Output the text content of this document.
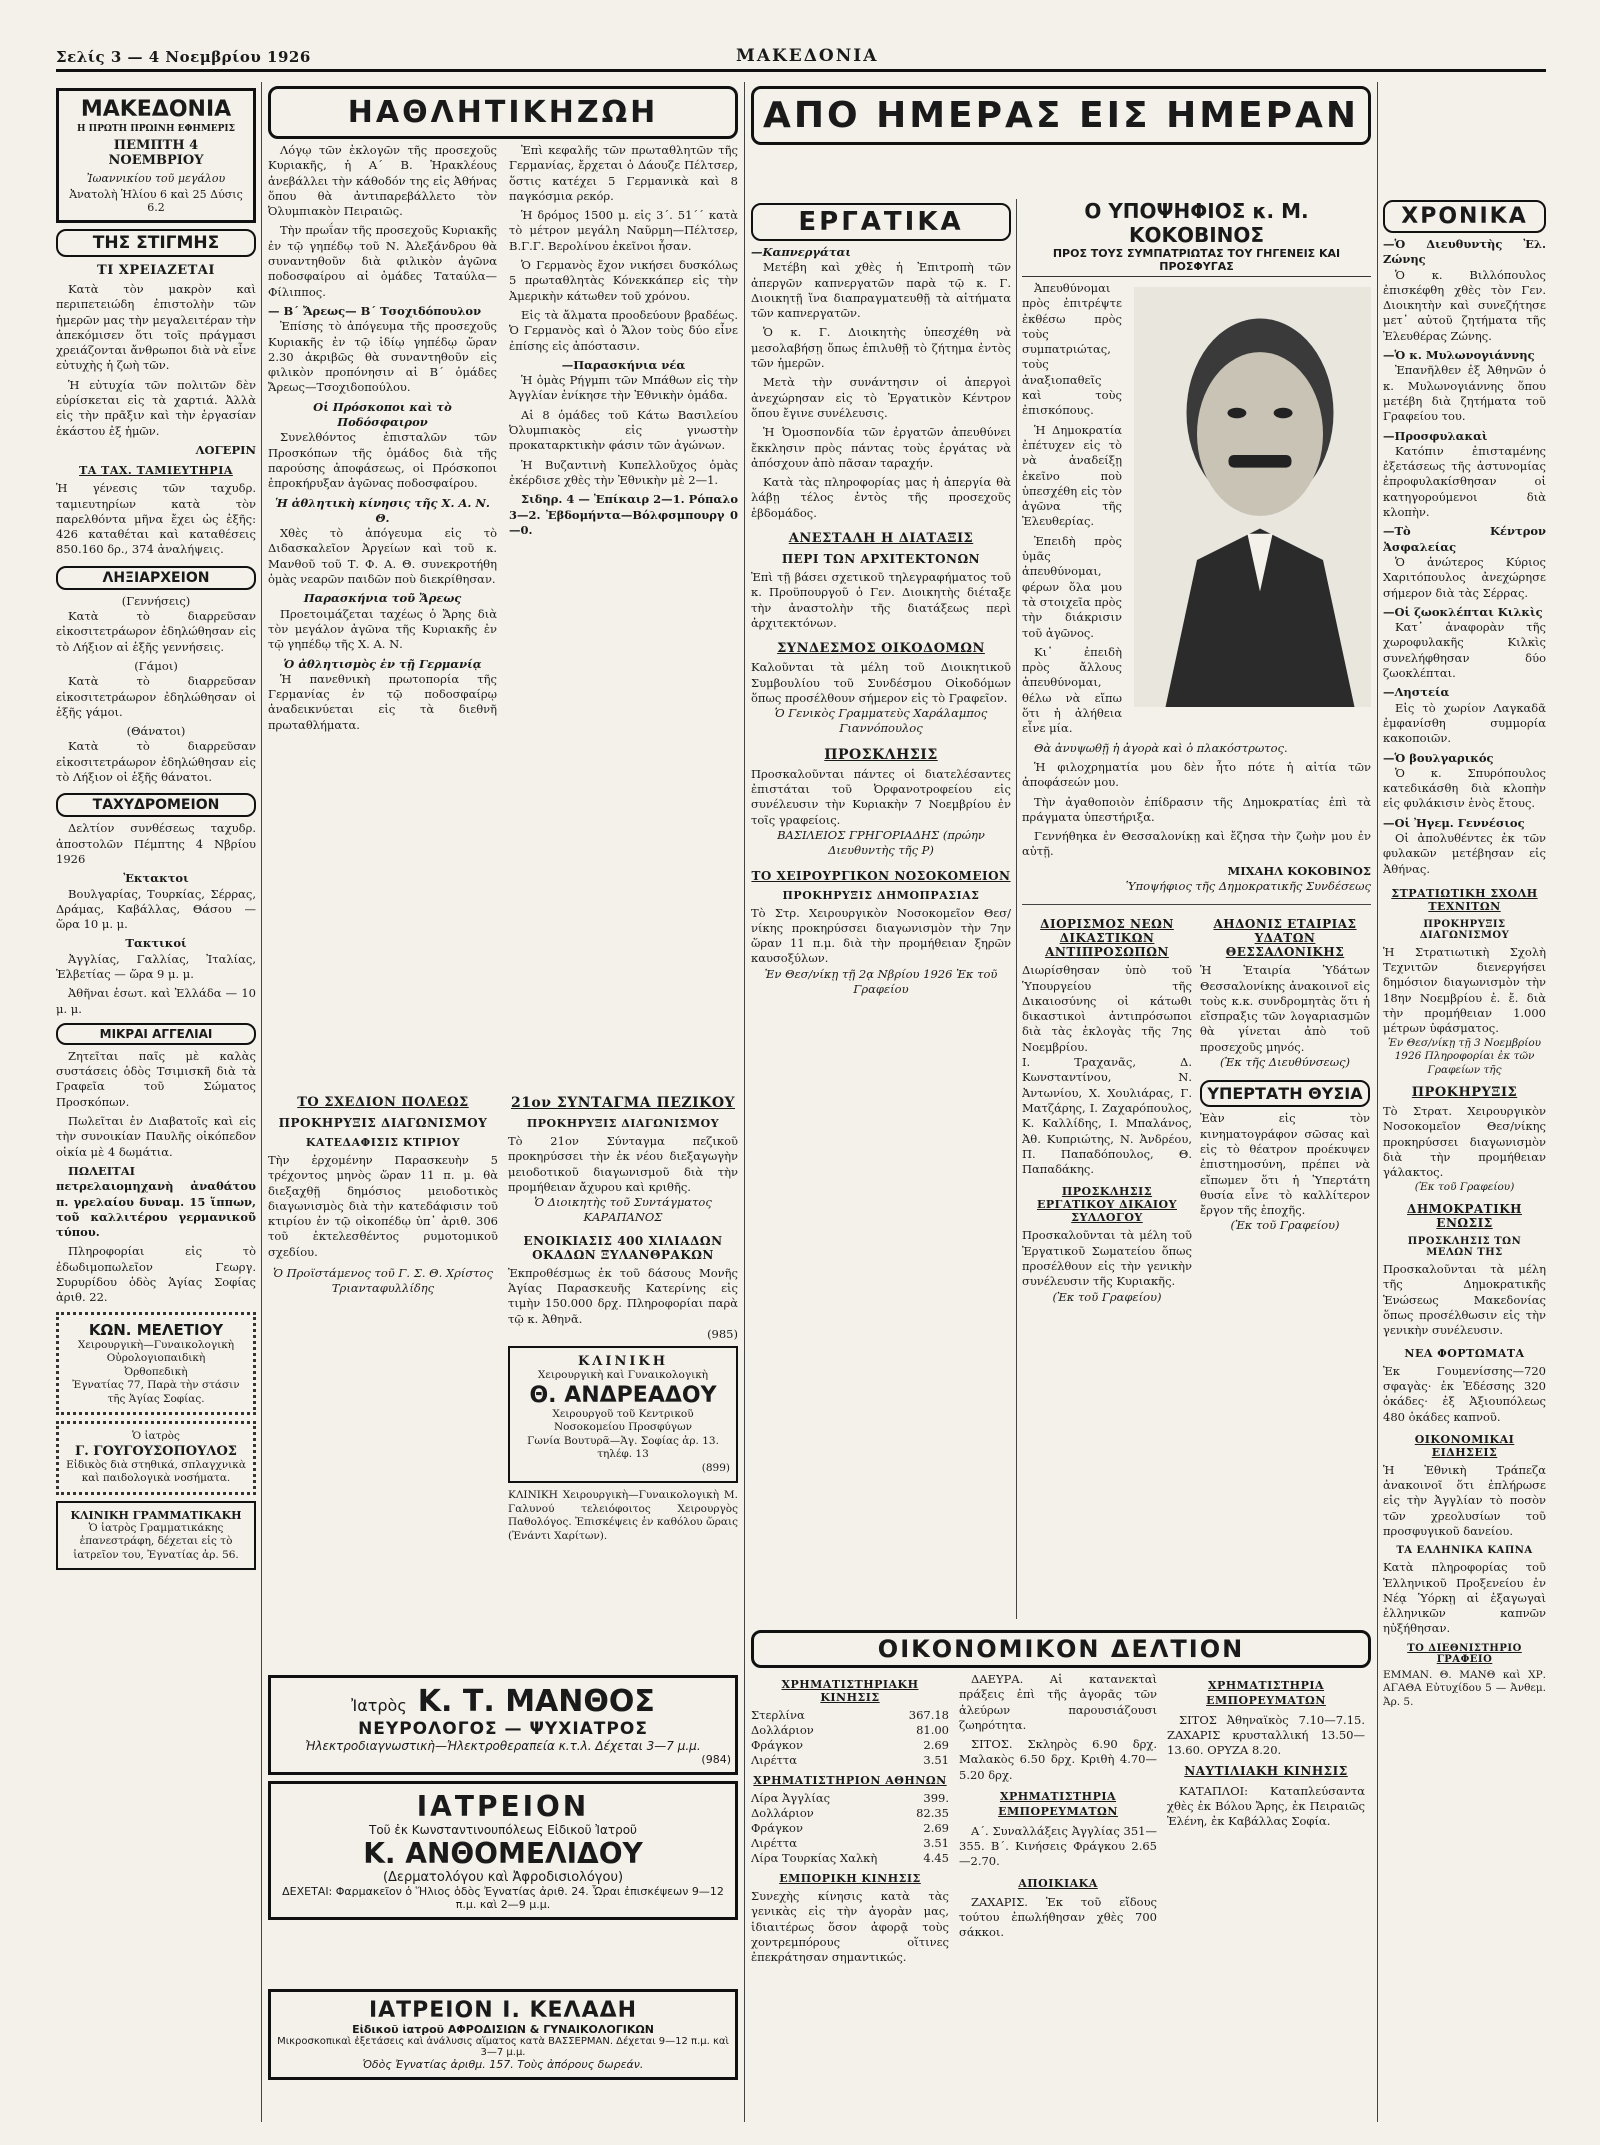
Σελίς 3 — 4 Νοεμβρίου 1926	ΜΑΚΕΔΟΝΙΑ
ΜΑΚΕΔΟΝΙΑ
Η ΠΡΩΤΗ ΠΡΩΙΝΗ ΕΦΗΜΕΡΙΣ
ΠΕΜΠΤΗ 4 ΝΟΕΜΒΡΙΟΥ
Ἰωαννικίου τοῦ μεγάλου
Ἀνατολὴ Ἡλίου 6 καὶ 25 Δύσις 6.2
ΤΗΣ ΣΤΙΓΜΗΣ
ΤΙ ΧΡΕΙΑΖΕΤΑΙ

Κατὰ τὸν μακρὸν καὶ περιπετειώδη ἐπιστολὴν τῶν ἡμερῶν μας τὴν μεγαλειτέραν τὴν ἀπεκόμισεν ὅτι τοῖς πράγμασι χρειάζονται ἄνθρωποι διὰ νὰ εἶνε εὐτυχὴς ἡ ζωὴ τῶν.

Ἡ εὐτυχία τῶν πολιτῶν δὲν εὑρίσκεται εἰς τὰ χαρτιά. Ἀλλὰ εἰς τὴν πρᾶξιν καὶ τὴν ἐργασίαν ἑκάστου ἐξ ἡμῶν.

ΛΟΓΕΡΙΝ
ΤΑ ΤΑΧ. ΤΑΜΙΕΥΤΗΡΙΑ
Ἡ γένεσις τῶν ταχυδρ. ταμιευτηρίων κατὰ τὸν παρελθόντα μῆνα ἔχει ὡς ἑξῆς: 426 καταθέται καὶ καταθέσεις 850.160 δρ., 374 ἀναλήψεις.
ΛΗΞΙΑΡΧΕΙΟΝ
(Γεννήσεις)

Κατὰ τὸ διαρρεῦσαν εἰκοσιτετράωρον ἐδηλώθησαν εἰς τὸ Λήξιον αἱ ἑξῆς γεννήσεις.

(Γάμοι)

Κατὰ τὸ διαρρεῦσαν εἰκοσιτετράωρον ἐδηλώθησαν οἱ ἑξῆς γάμοι.

(Θάνατοι)

Κατὰ τὸ διαρρεῦσαν εἰκοσιτετράωρον ἐδηλώθησαν εἰς τὸ Λήξιον οἱ ἑξῆς θάνατοι.

ΤΑΧΥΔΡΟΜΕΙΟΝ

Δελτίον συνθέσεως ταχυδρ. ἀποστολῶν Πέμπτης 4 Νβρίου 1926

Ἐκτακτοι

Βουλγαρίας, Τουρκίας, Σέρρας, Δράμας, Καβάλλας, Θάσου — ὥρα 10 μ. μ.

Τακτικοί

Ἀγγλίας, Γαλλίας, Ἰταλίας, Ἑλβετίας — ὥρα 9 μ. μ.

Ἀθῆναι ἐσωτ. καὶ Ἑλλάδα — 10 μ. μ.

ΜΙΚΡΑΙ ΑΓΓΕΛΙΑΙ

Ζητεῖται παῖς μὲ καλὰς συστάσεις ὁδὸς Τσιμισκῆ διὰ τὰ Γραφεῖα τοῦ Σώματος Προσκόπων.

Πωλεῖται ἐν Διαβατοῖς καὶ εἰς τὴν συνοικίαν Παυλῆς οἰκόπεδον οἰκία μὲ 4 δωμάτια.

ΠΩΛΕΙΤΑΙ πετρελαιομηχανὴ ἀναθάτου π. γρελαίου δυναμ. 15 ἵππων, τοῦ καλλιτέρου γερμανικοῦ τύπου.

Πληροφορίαι εἰς τὸ ἐδωδιμοπωλεῖον Γεωργ. Συρυρίδου ὁδὸς Ἁγίας Σοφίας ἀριθ. 22.

ΚΩΝ. ΜΕΛΕΤΙΟΥ
Χειρουργικὴ—Γυναικολογικὴ
Οὐρολογιοπαιδικὴ
Ὀρθοπεδικὴ
Ἐγνατίας 77, Παρὰ τὴν στάσιν τῆς Ἁγίας Σοφίας.
Ὁ ἰατρὸς
Γ. ΓΟΥΓΟΥΣΟΠΟΥΛΟΣ
Εἰδικὸς διὰ στηθικά, σπλαγχνικὰ καὶ παιδολογικὰ νοσήματα.
ΚΛΙΝΙΚΗ ΓΡΑΜΜΑΤΙΚΑΚΗ
Ὁ ἰατρὸς Γραμματικάκης ἐπανεστράφη, δέχεται εἰς τὸ ἰατρεῖον του, Ἐγνατίας ἀρ. 56.
ΗΑΘΛΗΤΙΚΗΖΩΗ

Λόγῳ τῶν ἐκλογῶν τῆς προσεχοῦς Κυριακῆς, ἡ Α΄ Β. Ἡρακλέους ἀνεβάλλει τὴν κάθοδόν της εἰς Ἀθήνας ὅπου θὰ ἀντιπαρεβάλλετο τὸν Ὀλυμπιακὸν Πειραιῶς.

Τὴν πρωΐαν τῆς προσεχοῦς Κυριακῆς ἐν τῷ γηπέδῳ τοῦ Ν. Ἀλεξάνδρου θὰ συναντηθοῦν διὰ φιλικὸν ἀγῶνα ποδοσφαίρου αἱ ὁμάδες Ταταύλα—Φίλιππος.

— Β΄ Ἄρεως— Β΄ Τσοχιδόπουλον

Ἐπίσης τὸ ἀπόγευμα τῆς προσεχοῦς Κυριακῆς ἐν τῷ ἰδίῳ γηπέδῳ ὥραν 2.30 ἀκριβῶς θὰ συναντηθοῦν εἰς φιλικὸν προπόνησιν αἱ Β΄ ὁμάδες Ἄρεως—Τσοχιδοπούλου.

Οἱ Πρόσκοποι καὶ τὸ Ποδόσφαιρον

Συνελθόντος ἐπισταλῶν τῶν Προσκόπων τῆς ὁμάδος διὰ τῆς παρούσης ἀποφάσεως, οἱ Πρόσκοποι ἐπροκήρυξαν ἀγῶνας ποδοσφαίρου.

Ἡ ἀθλητικὴ κίνησις τῆς Χ. Α. Ν. Θ.

Χθὲς τὸ ἀπόγευμα εἰς τὸ Διδασκαλεῖον Ἀργείων καὶ τοῦ κ. Μανθοῦ τοῦ Τ. Φ. Α. Θ. συνεκροτήθη ὁμὰς νεαρῶν παιδῶν ποὺ διεκρίθησαν.

Παρασκήνια τοῦ Ἄρεως

Προετοιμάζεται ταχέως ὁ Ἄρης διὰ τὸν μεγάλον ἀγῶνα τῆς Κυριακῆς ἐν τῷ γηπέδῳ τῆς Χ. Α. Ν.

Ὁ ἀθλητισμὸς ἐν τῇ Γερμανίᾳ

Ἡ πανεθνικὴ πρωτοπορία τῆς Γερμανίας ἐν τῷ ποδοσφαίρῳ ἀναδεικνύεται εἰς τὰ διεθνῆ πρωταθλήματα.

Ἐπὶ κεφαλῆς τῶν πρωταθλητῶν τῆς Γερμανίας, ἔρχεται ὁ Δάουζε Πέλτσερ, ὅστις κατέχει 5 Γερμανικὰ καὶ 8 παγκόσμια ρεκόρ.

Ἡ δρόμος 1500 μ. εἰς 3΄. 51΄΄ κατὰ τὸ μέτρον μεγάλη Ναῦρμη—Πέλτσερ, Β.Γ.Γ. Βερολίνου ἐκεῖνοι ἦσαν.

Ὁ Γερμανὸς ἔχον νικήσει δυσκόλως 5 πρωταθλητὰς Κόνεκκάπερ εἰς τὴν Ἀμερικὴν κάτωθεν τοῦ χρόνου.

Εἰς τὰ ἄλματα προοδεύουν βραδέως. Ὁ Γερμανὸς καὶ ὁ Ἄλον τοὺς δύο εἶνε ἐπίσης εἰς ἀπόστασιν.

—Παρασκήνια νέα

Ἡ ὁμὰς Ρήγμπι τῶν Μπάθων εἰς τὴν Ἀγγλίαν ἐνίκησε τὴν Ἐθνικὴν ὁμάδα.

Αἱ 8 ὁμάδες τοῦ Κάτω Βασιλείου Ὀλυμπιακὸς εἰς γνωστὴν προκαταρκτικὴν φάσιν τῶν ἀγώνων.

Ἡ Βυζαντινὴ Κυπελλοῦχος ὁμὰς ἐκέρδισε χθὲς τὴν Ἐθνικὴν μὲ 2—1.

Σιδηρ. 4 — Ἐπίκαιρ 2—1. Ρόπαλο 3—2. Ἐβδομήντα—Βόλφσμπουργ 0—0.

ΤΟ ΣΧΕΔΙΟΝ ΠΟΛΕΩΣ
ΠΡΟΚΗΡΥΞΙΣ ΔΙΑΓΩΝΙΣΜΟΥ
ΚΑΤΕΔΑΦΙΣΙΣ ΚΤΙΡΙΟΥ
Τὴν ἐρχομένην Παρασκευὴν 5 τρέχοντος μηνὸς ὥραν 11 π. μ. θὰ διεξαχθῇ δημόσιος μειοδοτικὸς διαγωνισμὸς διὰ τὴν κατεδάφισιν τοῦ κτιρίου ἐν τῷ οἰκοπέδῳ ὑπ᾽ ἀριθ. 306 τοῦ ἐκτελεσθέντος ρυμοτομικοῦ σχεδίου.
Ὁ Προϊστάμενος τοῦ Γ. Σ. Θ. Χρίστος Τριανταφυλλίδης
21ον ΣΥΝΤΑΓΜΑ ΠΕΖΙΚΟΥ
ΠΡΟΚΗΡΥΞΙΣ ΔΙΑΓΩΝΙΣΜΟΥ
Τὸ 21ον Σύνταγμα πεζικοῦ προκηρύσσει τὴν ἐκ νέου διεξαγωγὴν μειοδοτικοῦ διαγωνισμοῦ διὰ τὴν προμήθειαν ἄχυρου καὶ κριθῆς.
Ὁ Διοικητὴς τοῦ Συντάγματος ΚΑΡΑΠΑΝΟΣ
ΕΝΟΙΚΙΑΣΙΣ 400 ΧΙΛΙΑΔΩΝ ΟΚΑΔΩΝ ΞΥΛΑΝΘΡΑΚΩΝ
Ἐκπροθέσμως ἐκ τοῦ δάσους Μονῆς Ἁγίας Παρασκευῆς Κατερίνης εἰς τιμὴν 150.000 δρχ. Πληροφορίαι παρὰ τῷ κ. Ἀθηνᾶ.
(985)
ΚΛΙΝΙΚΗ
Χειρουργικὴ καὶ Γυναικολογικὴ
Θ. ΑΝΔΡΕΑΔΟΥ
Χειρουργοῦ τοῦ Κεντρικοῦ Νοσοκομείου Προσφύγων
Γωνία Βουτυρᾶ—Ἁγ. Σοφίας ἀρ. 13. τηλέφ. 13
(899)
ΚΛΙΝΙΚΗ Χειρουργικὴ—Γυναικολογικὴ Μ. Γαλυνού τελειόφοιτος Χειρουργὸς Παθολόγος. Ἐπισκέψεις ἐν καθόλου ὥραις (Ἐνάντι Χαρίτων).
Ἰατρὸς Κ. Τ. ΜΑΝΘΟΣ
ΝΕΥΡΟΛΟΓΟΣ — ΨΥΧΙΑΤΡΟΣ
Ἠλεκτροδιαγνωστικὴ—Ἠλεκτροθεραπεία κ.τ.λ. Δέχεται 3—7 μ.μ.
(984)
ΙΑΤΡΕΙΟΝ
Τοῦ ἐκ Κωνσταντινουπόλεως Εἰδικοῦ Ἰατροῦ
Κ. ΑΝΘΟΜΕΛΙΔΟΥ
(Δερματολόγου καὶ Ἀφροδισιολόγου)
ΔΕΧΕΤΑΙ: Φαρμακεῖον ὁ Ἥλιος ὁδὸς Ἐγνατίας ἀριθ. 24. Ὧραι ἐπισκέψεων 9—12 π.μ. καὶ 2—9 μ.μ.
ΑΠΟ ΗΜΕΡΑΣ ΕΙΣ ΗΜΕΡΑΝ
ΕΡΓΑΤΙΚΑ
—Καπνεργάται

Μετέβη καὶ χθὲς ἡ Ἐπιτροπὴ τῶν ἀπεργῶν καπνεργατῶν παρὰ τῷ κ. Γ. Διοικητῇ ἵνα διαπραγματευθῇ τὰ αἰτήματα τῶν καπνεργατῶν.

Ὁ κ. Γ. Διοικητὴς ὑπεσχέθη νὰ μεσολαβήσῃ ὅπως ἐπιλυθῇ τὸ ζήτημα ἐντὸς τῶν ἡμερῶν.

Μετὰ τὴν συνάντησιν οἱ ἀπεργοὶ ἀνεχώρησαν εἰς τὸ Ἐργατικὸν Κέντρον ὅπου ἔγινε συνέλευσις.

Ἡ Ὀμοσπονδία τῶν ἐργατῶν ἀπευθύνει ἔκκλησιν πρὸς πάντας τοὺς ἐργάτας νὰ ἀπόσχουν ἀπὸ πᾶσαν ταραχήν.

Κατὰ τὰς πληροφορίας μας ἡ ἀπεργία θὰ λάβῃ τέλος ἐντὸς τῆς προσεχοῦς ἑβδομάδος.

ΑΝΕΣΤΑΛΗ Η ΔΙΑΤΑΞΙΣ
ΠΕΡΙ ΤΩΝ ΑΡΧΙΤΕΚΤΟΝΩΝ
Ἐπὶ τῇ βάσει σχετικοῦ τηλεγραφήματος τοῦ κ. Προϋπουργοῦ ὁ Γεν. Διοικητὴς διέταξε τὴν ἀναστολὴν τῆς διατάξεως περὶ ἀρχιτεκτόνων.
ΣΥΝΔΕΣΜΟΣ ΟΙΚΟΔΟΜΩΝ
Καλοῦνται τὰ μέλη τοῦ Διοικητικοῦ Συμβουλίου τοῦ Συνδέσμου Οἰκοδόμων ὅπως προσέλθουν σήμερον εἰς τὸ Γραφεῖον.
Ὁ Γενικὸς Γραμματεὺς Χαράλαμπος Γιαννόπουλος
ΠΡΟΣΚΛΗΣΙΣ
Προσκαλοῦνται πάντες οἱ διατελέσαντες ἐπιστάται τοῦ Ὀρφανοτροφείου εἰς συνέλευσιν τὴν Κυριακὴν 7 Νοεμβρίου ἐν τοῖς γραφείοις.
ΒΑΣΙΛΕΙΟΣ ΓΡΗΓΟΡΙΑΔΗΣ (πρώην Διευθυντὴς τῆς Ρ)
ΤΟ ΧΕΙΡΟΥΡΓΙΚΟΝ ΝΟΣΟΚΟΜΕΙΟΝ
ΠΡΟΚΗΡΥΞΙΣ ΔΗΜΟΠΡΑΣΙΑΣ
Τὸ Στρ. Χειρουργικὸν Νοσοκομεῖον Θεσ/νίκης προκηρύσσει διαγωνισμὸν τὴν 7ην ὥραν 11 π.μ. διὰ τὴν προμήθειαν ξηρῶν καυσοξύλων.
Ἐν Θεσ/νίκῃ τῇ 2ᾳ Νβρίου 1926 Ἐκ τοῦ Γραφείου
Ο ΥΠΟΨΗΦΙΟΣ κ. Μ. ΚΟΚΟΒΙΝΟΣ
ΠΡΟΣ ΤΟΥΣ ΣΥΜΠΑΤΡΙΩΤΑΣ ΤΟΥ ΓΗΓΕΝΕΙΣ ΚΑΙ ΠΡΟΣΦΥΓΑΣ

Ἀπευθύνομαι πρὸς ἐπιτρέψτε ἐκθέσω πρὸς τοὺς συμπατριώτας, τοὺς ἀναξιοπαθεῖς καὶ τοὺς ἐπισκόπους.

Ἡ Δημοκρατία ἐπέτυχεν εἰς τὸ νὰ ἀναδείξῃ ἐκεῖνο ποὺ ὑπεσχέθη εἰς τὸν ἀγῶνα τῆς Ἐλευθερίας.

Ἐπειδὴ πρὸς ὑμᾶς ἀπευθύνομαι, φέρων ὅλα μου τὰ στοιχεῖα πρὸς τὴν διάκρισιν τοῦ ἀγῶνος.

Κι᾽ ἐπειδὴ πρὸς ἄλλους ἀπευθύνομαι, θέλω νὰ εἴπω ὅτι ἡ ἀλήθεια εἶνε μία.

Θὰ ἀνυψωθῇ ἡ ἀγορὰ καὶ ὁ πλακόστρωτος.

Ἡ φιλοχρηματία μου δὲν ἦτο πότε ἡ αἰτία τῶν ἀποφάσεών μου.

Τὴν ἀγαθοποιὸν ἐπίδρασιν τῆς Δημοκρατίας ἐπὶ τὰ πράγματα ὑπεστήριξα.

Γεννήθηκα ἐν Θεσσαλονίκῃ καὶ ἔζησα τὴν ζωὴν μου ἐν αὐτῇ.

ΜΙΧΑΗΛ ΚΟΚΟΒΙΝΟΣ
Ὑποψήφιος τῆς Δημοκρατικῆς Συνδέσεως
ΔΙΟΡΙΣΜΟΣ ΝΕΩΝ ΔΙΚΑΣΤΙΚΩΝ ΑΝΤΙΠΡΟΣΩΠΩΝ
Διωρίσθησαν ὑπὸ τοῦ Ὑπουργείου τῆς Δικαιοσύνης οἱ κάτωθι δικαστικοὶ ἀντιπρόσωποι διὰ τὰς ἐκλογὰς τῆς 7ης Νοεμβρίου.
Ι. Τραχανᾶς, Δ. Κωνσταντίνου, Ν. Ἀντωνίου, Χ. Χουλιάρας, Γ. Ματζάρης, Ι. Ζαχαρόπουλος, Κ. Καλλίδης, Ι. Μπαλάνος, Ἀθ. Κυπριώτης, Ν. Ἀνδρέου, Π. Παπαδόπουλος, Θ. Παπαδάκης.
ΠΡΟΣΚΛΗΣΙΣ ΕΡΓΑΤΙΚΟΥ ΔΙΚΑΙΟΥ ΣΥΛΛΟΓΟΥ
Προσκαλοῦνται τὰ μέλη τοῦ Ἐργατικοῦ Σωματείου ὅπως προσέλθουν εἰς τὴν γενικὴν συνέλευσιν τῆς Κυριακῆς.
(Ἐκ τοῦ Γραφείου)
ΑΗΔΟΝΙΣ ΕΤΑΙΡΙΑΣ ΥΔΑΤΩΝ ΘΕΣΣΑΛΟΝΙΚΗΣ
Ἡ Ἑταιρία Ὑδάτων Θεσσαλονίκης ἀνακοινοῖ εἰς τοὺς κ.κ. συνδρομητὰς ὅτι ἡ εἴσπραξις τῶν λογαριασμῶν θὰ γίνεται ἀπὸ τοῦ προσεχοῦς μηνός.
(Ἐκ τῆς Διευθύνσεως)
ΥΠΕΡΤΑΤΗ ΘΥΣΙΑ
Ἐὰν εἰς τὸν κινηματογράφον σῶσας καὶ εἰς τὸ θέατρον προέκυψεν ἐπιστημοσύνη, πρέπει νὰ εἴπωμεν ὅτι ἡ Ὑπερτάτη θυσία εἶνε τὸ καλλίτερον ἔργον τῆς ἐποχῆς.
(Ἐκ τοῦ Γραφείου)
ΧΡΟΝΙΚΑ
—Ὁ Διευθυντὴς Ἐλ. Ζώνης

Ὁ κ. Βιλλόπουλος ἐπισκέφθη χθὲς τὸν Γεν. Διοικητὴν καὶ συνεζήτησε μετ᾽ αὐτοῦ ζητήματα τῆς Ἐλευθέρας Ζώνης.

—Ὁ κ. Μυλωνογιάννης

Ἐπανῆλθεν ἐξ Ἀθηνῶν ὁ κ. Μυλωνογιάννης ὅπου μετέβη διὰ ζητήματα τοῦ Γραφείου του.

—Προσφυλακαὶ

Κατόπιν ἐπισταμένης ἐξετάσεως τῆς ἀστυνομίας ἐπροφυλακίσθησαν οἱ κατηγορούμενοι διὰ κλοπὴν.

—Τὸ Κέντρον Ἀσφαλείας

Ὁ ἀνώτερος Κύριος Χαριτόπουλος ἀνεχώρησε σήμερον διὰ τὰς Σέρρας.

—Οἱ ζωοκλέπται Κιλκὶς

Κατ᾽ ἀναφορὰν τῆς χωροφυλακῆς Κιλκὶς συνελήφθησαν δύο ζωοκλέπται.

—Ληστεία

Εἰς τὸ χωρίον Λαγκαδᾶ ἐμφανίσθη συμμορία κακοποιῶν.

—Ὁ βουλγαρικός

Ὁ κ. Σπυρόπουλος κατεδικάσθη διὰ κλοπὴν εἰς φυλάκισιν ἑνὸς ἔτους.

—Οἱ Ἠγεμ. Γεννέσιος

Οἱ ἀπολυθέντες ἐκ τῶν φυλακῶν μετέβησαν εἰς Ἀθήνας.

ΣΤΡΑΤΙΩΤΙΚΗ ΣΧΟΛΗ ΤΕΧΝΙΤΩΝ
ΠΡΟΚΗΡΥΞΙΣ ΔΙΑΓΩΝΙΣΜΟΥ
Ἡ Στρατιωτικὴ Σχολὴ Τεχνιτῶν διενεργήσει δημόσιον διαγωνισμὸν τὴν 18ην Νοεμβρίου ἐ. ἔ. διὰ τὴν προμήθειαν 1.000 μέτρων ὑφάσματος.
Ἐν Θεσ/νίκῃ τῇ 3 Νοεμβρίου 1926 Πληροφορίαι ἐκ τῶν Γραφείων τῆς
ΠΡΟΚΗΡΥΞΙΣ
Τὸ Στρατ. Χειρουργικὸν Νοσοκομεῖον Θεσ/νίκης προκηρύσσει διαγωνισμὸν διὰ τὴν προμήθειαν γάλακτος.
(Ἐκ τοῦ Γραφείου)
ΔΗΜΟΚΡΑΤΙΚΗ ΕΝΩΣΙΣ
ΠΡΟΣΚΛΗΣΙΣ ΤΩΝ ΜΕΛΩΝ ΤΗΣ
Προσκαλοῦνται τὰ μέλη τῆς Δημοκρατικῆς Ἑνώσεως Μακεδονίας ὅπως προσέλθωσιν εἰς τὴν γενικὴν συνέλευσιν.
ΝΕΑ ΦΟΡΤΩΜΑΤΑ
Ἐκ Γουμενίσσης—720 σφαγὰς· ἐκ Ἐδέσσης 320 ὀκάδες· ἐξ Ἀξιουπόλεως 480 ὀκάδες καπνοῦ.
ΟΙΚΟΝΟΜΙΚΑΙ ΕΙΔΗΣΕΙΣ
Ἡ Ἐθνικὴ Τράπεζα ἀνακοινοῖ ὅτι ἐπλήρωσε εἰς τὴν Ἀγγλίαν τὸ ποσὸν τῶν χρεολυσίων τοῦ προσφυγικοῦ δανείου.
ΤΑ ΕΛΛΗΝΙΚΑ ΚΑΠΝΑ
Κατὰ πληροφορίας τοῦ Ἑλληνικοῦ Προξενείου ἐν Νέᾳ Ὑόρκῃ αἱ ἐξαγωγαὶ ἑλληνικῶν καπνῶν ηὐξήθησαν.
ΤΟ ΔΙΕΘΝΙΣΤΗΡΙΟ ΓΡΑΦΕΙΟ
ΕΜΜΑΝ. Θ. ΜΑΝΘ καὶ ΧΡ. ΑΓΑΘΑ Εὐτυχίδου 5 — Ἀνθεμ. Ἀρ. 5.
ΟΙΚΟΝΟΜΙΚΟΝ ΔΕΛΤΙΟΝ
ΧΡΗΜΑΤΙΣΤΗΡΙΑΚΗ ΚΙΝΗΣΙΣ
Στερλίνα	367.18
Δολλάριον	81.00
Φράγκον	2.69
Λιρέττα	3.51
ΧΡΗΜΑΤΙΣΤΗΡΙΟΝ ΑΘΗΝΩΝ
Λίρα Ἀγγλίας	399.
Δολλάριον	82.35
Φράγκον	2.69
Λιρέττα	3.51
Λίρα Τουρκίας Χαλκὴ	4.45
ΕΜΠΟΡΙΚΗ ΚΙΝΗΣΙΣ
Συνεχὴς κίνησις κατὰ τὰς γενικὰς εἰς τὴν ἀγορὰν μας, ἰδιαιτέρως ὅσον ἀφορᾷ τοὺς χοντρεμπόρους οἵτινες ἐπεκράτησαν σημαντικώς.

ΔΑΕΥΡΑ. Αἱ κατανεκταὶ πράξεις ἐπὶ τῆς ἀγορᾶς τῶν ἀλεύρων παρουσιάζουσι ζωηρότητα.

ΣΙΤΟΣ. Σκληρὸς 6.90 δρχ. Μαλακὸς 6.50 δρχ. Κριθὴ 4.70—5.20 δρχ.

ΧΡΗΜΑΤΙΣΤΗΡΙΑ ΕΜΠΟΡΕΥΜΑΤΩΝ

Α΄. Συναλλάξεις Ἀγγλίας 351—355. Β΄. Κινήσεις Φράγκου 2.65—2.70.

ΑΠΟΙΚΙΑΚΑ

ΖΑΧΑΡΙΣ. Ἐκ τοῦ εἴδους τούτου ἐπωλήθησαν χθὲς 700 σάκκοι.

ΧΡΗΜΑΤΙΣΤΗΡΙΑ ΕΜΠΟΡΕΥΜΑΤΩΝ

ΣΙΤΟΣ Ἀθηναϊκὸς 7.10—7.15. ΖΑΧΑΡΙΣ κρυσταλλική 13.50—13.60. ΟΡΥΖΑ 8.20.

ΝΑΥΤΙΛΙΑΚΗ ΚΙΝΗΣΙΣ

ΚΑΤΑΠΛΟΙ: Καταπλεύσαντα χθὲς ἐκ Βόλου Ἄρης, ἐκ Πειραιῶς Ἑλένη, ἐκ Καβάλλας Σοφία.

ΙΑΤΡΕΙΟΝ Ι. ΚΕΛΑΔΗ
Εἰδικοῦ ἰατροῦ ΑΦΡΟΔΙΣΙΩΝ & ΓΥΝΑΙΚΟΛΟΓΙΚΩΝ
Μικροσκοπικαὶ ἐξετάσεις καὶ ἀνάλυσις αἵματος κατὰ ΒΑΣΣΕΡΜΑΝ. Δέχεται 9—12 π.μ. καὶ 3—7 μ.μ.
Ὁδὸς Ἐγνατίας ἀριθμ. 157. Τοὺς ἀπόρους δωρεάν.
